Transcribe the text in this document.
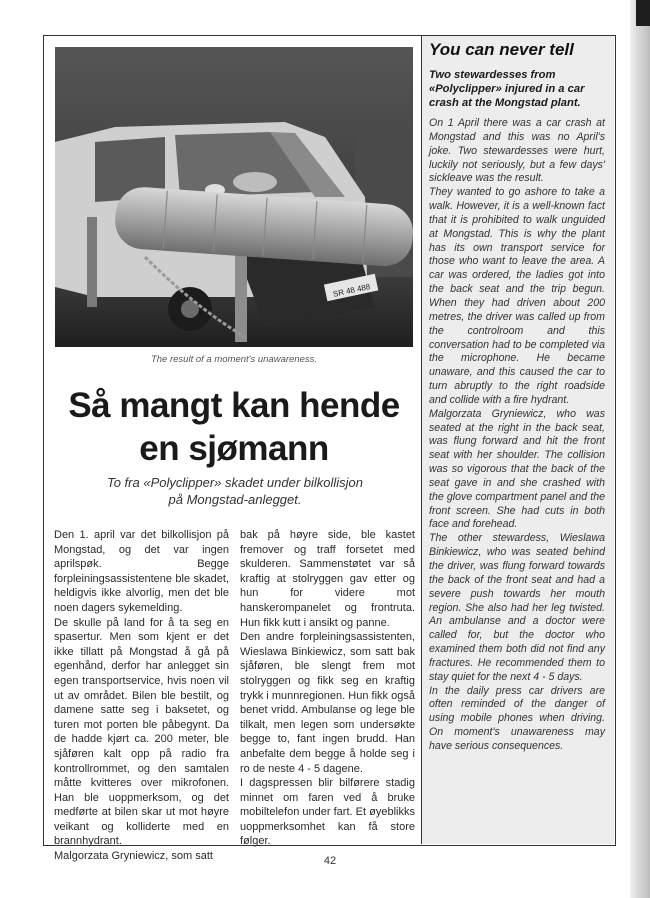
SR 48 488
The result of a moment's unawareness.
Så mangt kan hende
en sjømann
To fra «Polyclipper» skadet under bilkollisjon
på Mongstad-anlegget.

Den 1. april var det bilkollisjon på Mongstad, og det var ingen aprilspøk. Begge forpleiningsassistentene ble skadet, heldigvis ikke alvorlig, men det ble noen dagers sykemelding.

De skulle på land for å ta seg en spasertur. Men som kjent er det ikke tillatt på Mongstad å gå på egenhånd, derfor har anlegget sin egen transportservice, hvis noen vil ut av området. Bilen ble bestilt, og damene satte seg i baksetet, og turen mot porten ble påbegynt. Da de hadde kjørt ca. 200 meter, ble sjåføren kalt opp på radio fra kontrollrommet, og den samtalen måtte kvitteres over mikrofonen. Han ble uoppmerksom, og det medførte at bilen skar ut mot høyre veikant og kolliderte med en brannhydrant.

Malgorzata Gryniewicz, som satt

bak på høyre side, ble kastet fremover og traff forsetet med skulderen. Sammenstøtet var så kraftig at stolryggen gav etter og hun for videre mot hanskerompanelet og frontruta. Hun fikk kutt i ansikt og panne.

Den andre forpleiningsassistenten, Wieslawa Binkiewicz, som satt bak sjåføren, ble slengt frem mot stolryggen og fikk seg en kraftig trykk i munnregionen. Hun fikk også benet vridd. Ambulanse og lege ble tilkalt, men legen som undersøkte begge to, fant ingen brudd. Han anbefalte dem begge å holde seg i ro de neste 4 - 5 dagene.

I dagspressen blir bilførere stadig minnet om faren ved å bruke mobiltelefon under fart. Et øyeblikks uoppmerksomhet kan få store følger.

You can never tell
Two stewardesses from «Polyclipper» injured in a car crash at the Mongstad plant.

On 1 April there was a car crash at Mongstad and this was no April's joke. Two stewardesses were hurt, luckily not seriously, but a few days' sickleave was the result.

They wanted to go ashore to take a walk. However, it is a well-known fact that it is prohibited to walk unguided at Mongstad. This is why the plant has its own transport service for those who want to leave the area. A car was ordered, the ladies got into the back seat and the trip begun. When they had driven about 200 metres, the driver was called up from the controlroom and this conversation had to be completed via the microphone. He became unaware, and this caused the car to turn abruptly to the right roadside and collide with a fire hydrant.

Malgorzata Gryniewicz, who was seated at the right in the back seat, was flung forward and hit the front seat with her shoulder. The collision was so vigorous that the back of the seat gave in and she crashed with the glove compartment panel and the front screen. She had cuts in both face and forehead.

The other stewardess, Wieslawa Binkiewicz, who was seated behind the driver, was flung forward towards the back of the front seat and had a severe push towards her mouth region. She also had her leg twisted. An ambulanse and a doctor were called for, but the doctor who examined them both did not find any fractures. He recommended them to stay quiet for the next 4 - 5 days.

In the daily press car drivers are often reminded of the danger of using mobile phones when driving. On moment's unawareness may have serious consequences.

42
